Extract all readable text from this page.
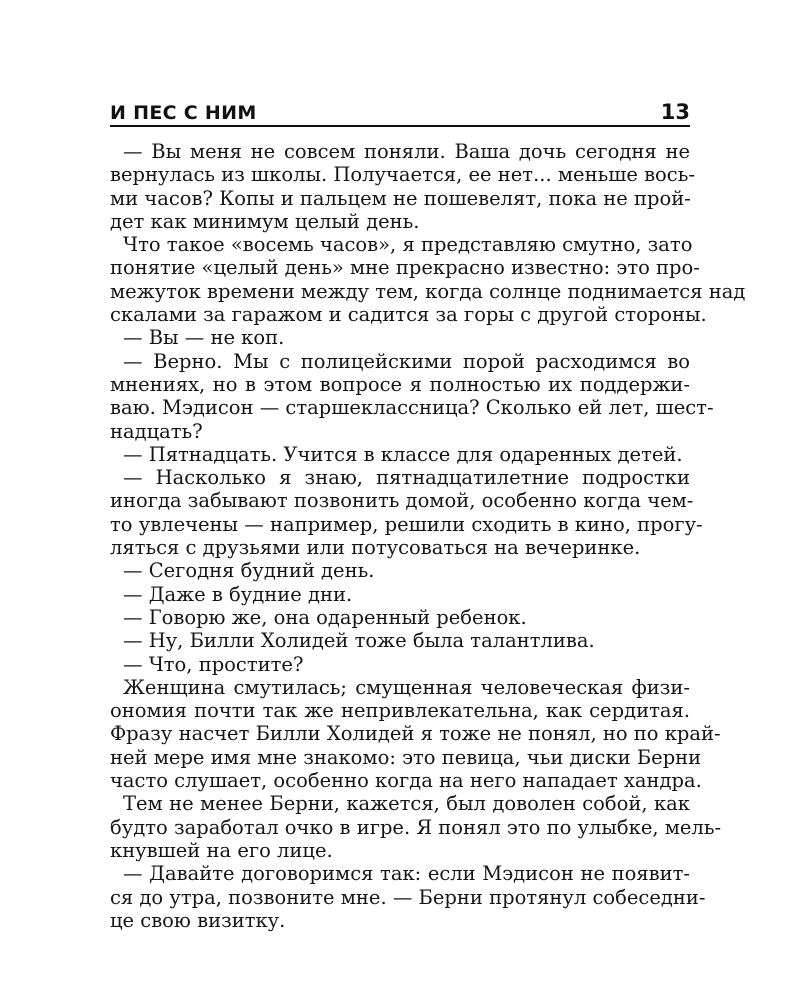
И ПЕС С НИМ	13
— Вы меня не совсем поняли. Ваша дочь сегодня не
вернулась из школы. Получается, ее нет... меньше вось-
ми часов? Копы и пальцем не пошевелят, пока не прой-
дет как минимум целый день.
Что такое «восемь часов», я представляю смутно, зато
понятие «целый день» мне прекрасно известно: это про-
межуток времени между тем, когда солнце поднимается над
скалами за гаражом и садится за горы с другой стороны.
— Вы — не коп.
— Верно. Мы с полицейскими порой расходимся во
мнениях, но в этом вопросе я полностью их поддержи-
ваю. Мэдисон — старшеклассница? Сколько ей лет, шест-
надцать?
— Пятнадцать. Учится в классе для одаренных детей.
— Насколько я знаю, пятнадцатилетние подростки
иногда забывают позвонить домой, особенно когда чем-
то увлечены — например, решили сходить в кино, прогу-
ляться с друзьями или потусоваться на вечеринке.
— Сегодня будний день.
— Даже в будние дни.
— Говорю же, она одаренный ребенок.
— Ну, Билли Холидей тоже была талантлива.
— Что, простите?
Женщина смутилась; смущенная человеческая физи-
ономия почти так же непривлекательна, как сердитая.
Фразу насчет Билли Холидей я тоже не понял, но по край-
ней мере имя мне знакомо: это певица, чьи диски Берни
часто слушает, особенно когда на него нападает хандра.
Тем не менее Берни, кажется, был доволен собой, как
будто заработал очко в игре. Я понял это по улыбке, мель-
кнувшей на его лице.
— Давайте договоримся так: если Мэдисон не появит-
ся до утра, позвоните мне. — Берни протянул собеседни-
це свою визитку.
